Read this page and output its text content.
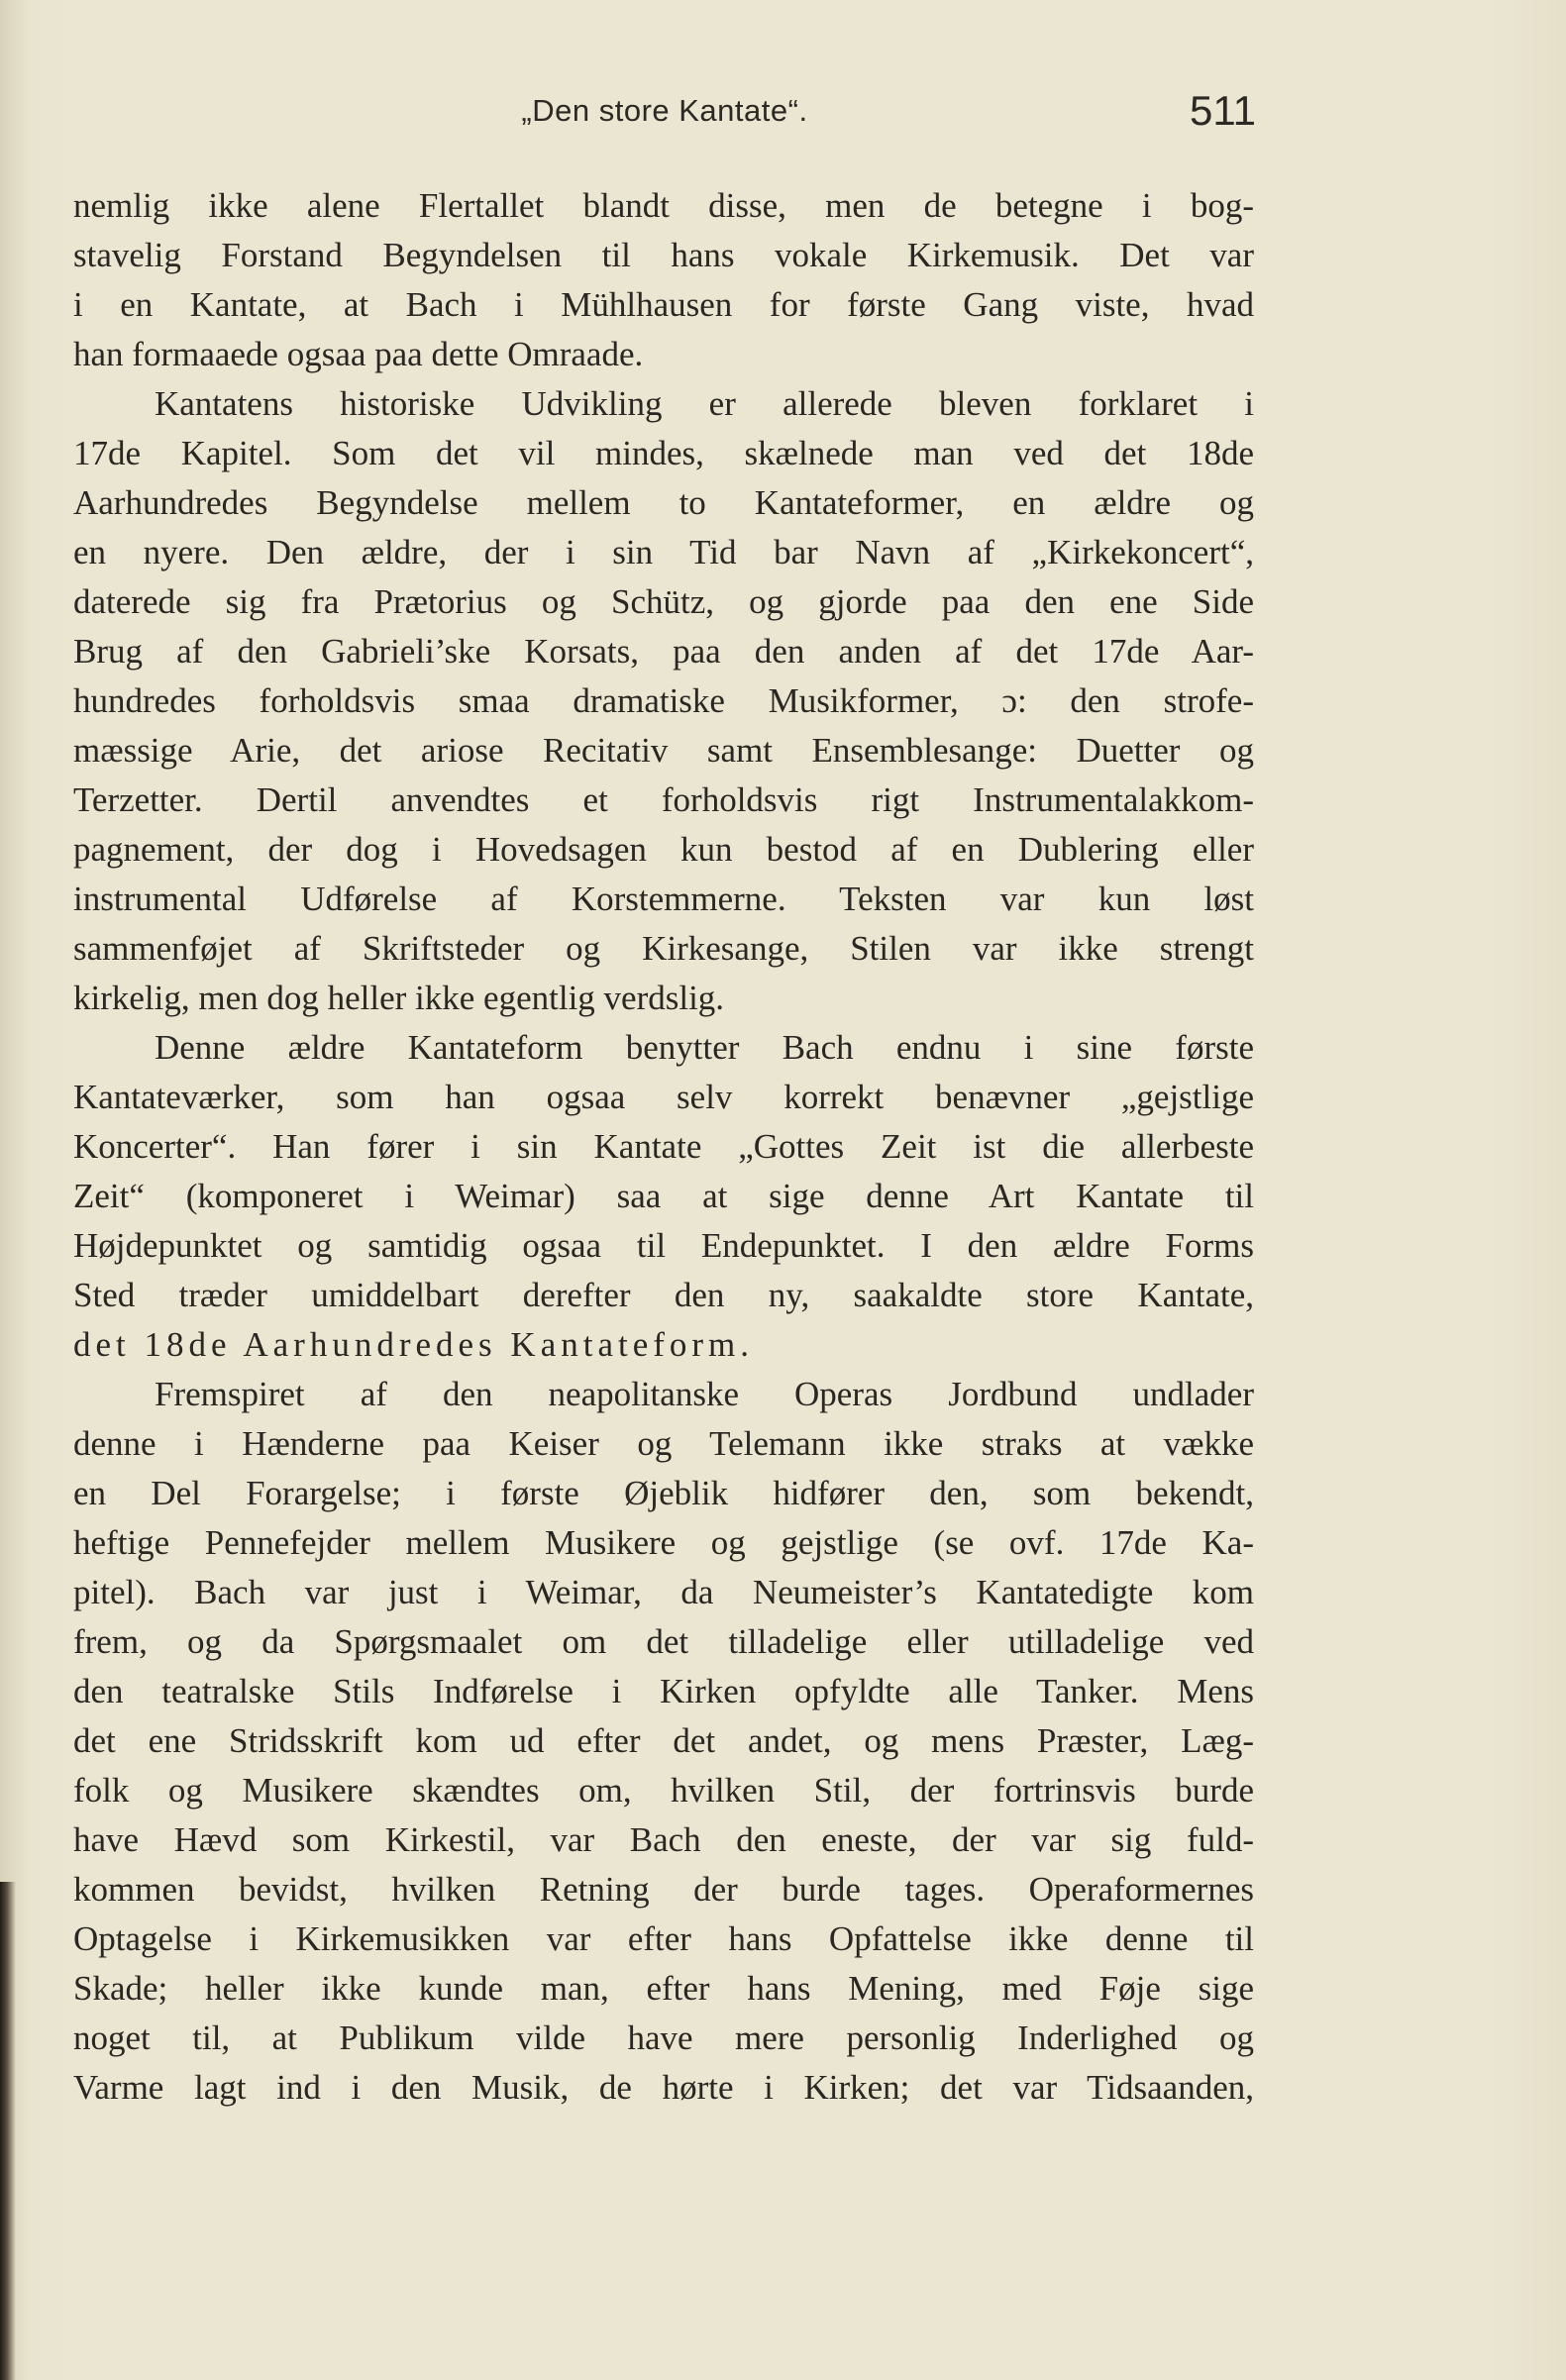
„Den store Kantate“.	511
nemlig ikke alene Flertallet blandt disse, men de betegne i bog-
stavelig Forstand Begyndelsen til hans vokale Kirkemusik. Det var
i en Kantate, at Bach i Mühlhausen for første Gang viste, hvad
han formaaede ogsaa paa dette Omraade.
Kantatens historiske Udvikling er allerede bleven forklaret i
17de Kapitel. Som det vil mindes, skælnede man ved det 18de
Aarhundredes Begyndelse mellem to Kantateformer, en ældre og
en nyere. Den ældre, der i sin Tid bar Navn af „Kirkekoncert“,
daterede sig fra Prætorius og Schütz, og gjorde paa den ene Side
Brug af den Gabrieli’ske Korsats, paa den anden af det 17de Aar-
hundredes forholdsvis smaa dramatiske Musikformer, ɔ: den strofe-
mæssige Arie, det ariose Recitativ samt Ensemblesange: Duetter og
Terzetter. Dertil anvendtes et forholdsvis rigt Instrumentalakkom-
pagnement, der dog i Hovedsagen kun bestod af en Dublering eller
instrumental Udførelse af Korstemmerne. Teksten var kun løst
sammenføjet af Skriftsteder og Kirkesange, Stilen var ikke strengt
kirkelig, men dog heller ikke egentlig verdslig.
Denne ældre Kantateform benytter Bach endnu i sine første
Kantateværker, som han ogsaa selv korrekt benævner „gejstlige
Koncerter“. Han fører i sin Kantate „Gottes Zeit ist die allerbeste
Zeit“ (komponeret i Weimar) saa at sige denne Art Kantate til
Højdepunktet og samtidig ogsaa til Endepunktet. I den ældre Forms
Sted træder umiddelbart derefter den ny, saakaldte store Kantate,
det 18de Aarhundredes Kantateform.
Fremspiret af den neapolitanske Operas Jordbund undlader
denne i Hænderne paa Keiser og Telemann ikke straks at vække
en Del Forargelse; i første Øjeblik hidfører den, som bekendt,
heftige Pennefejder mellem Musikere og gejstlige (se ovf. 17de Ka-
pitel). Bach var just i Weimar, da Neumeister’s Kantatedigte kom
frem, og da Spørgsmaalet om det tilladelige eller utilladelige ved
den teatralske Stils Indførelse i Kirken opfyldte alle Tanker. Mens
det ene Stridsskrift kom ud efter det andet, og mens Præster, Læg-
folk og Musikere skændtes om, hvilken Stil, der fortrinsvis burde
have Hævd som Kirkestil, var Bach den eneste, der var sig fuld-
kommen bevidst, hvilken Retning der burde tages. Operaformernes
Optagelse i Kirkemusikken var efter hans Opfattelse ikke denne til
Skade; heller ikke kunde man, efter hans Mening, med Føje sige
noget til, at Publikum vilde have mere personlig Inderlighed og
Varme lagt ind i den Musik, de hørte i Kirken; det var Tidsaanden,
